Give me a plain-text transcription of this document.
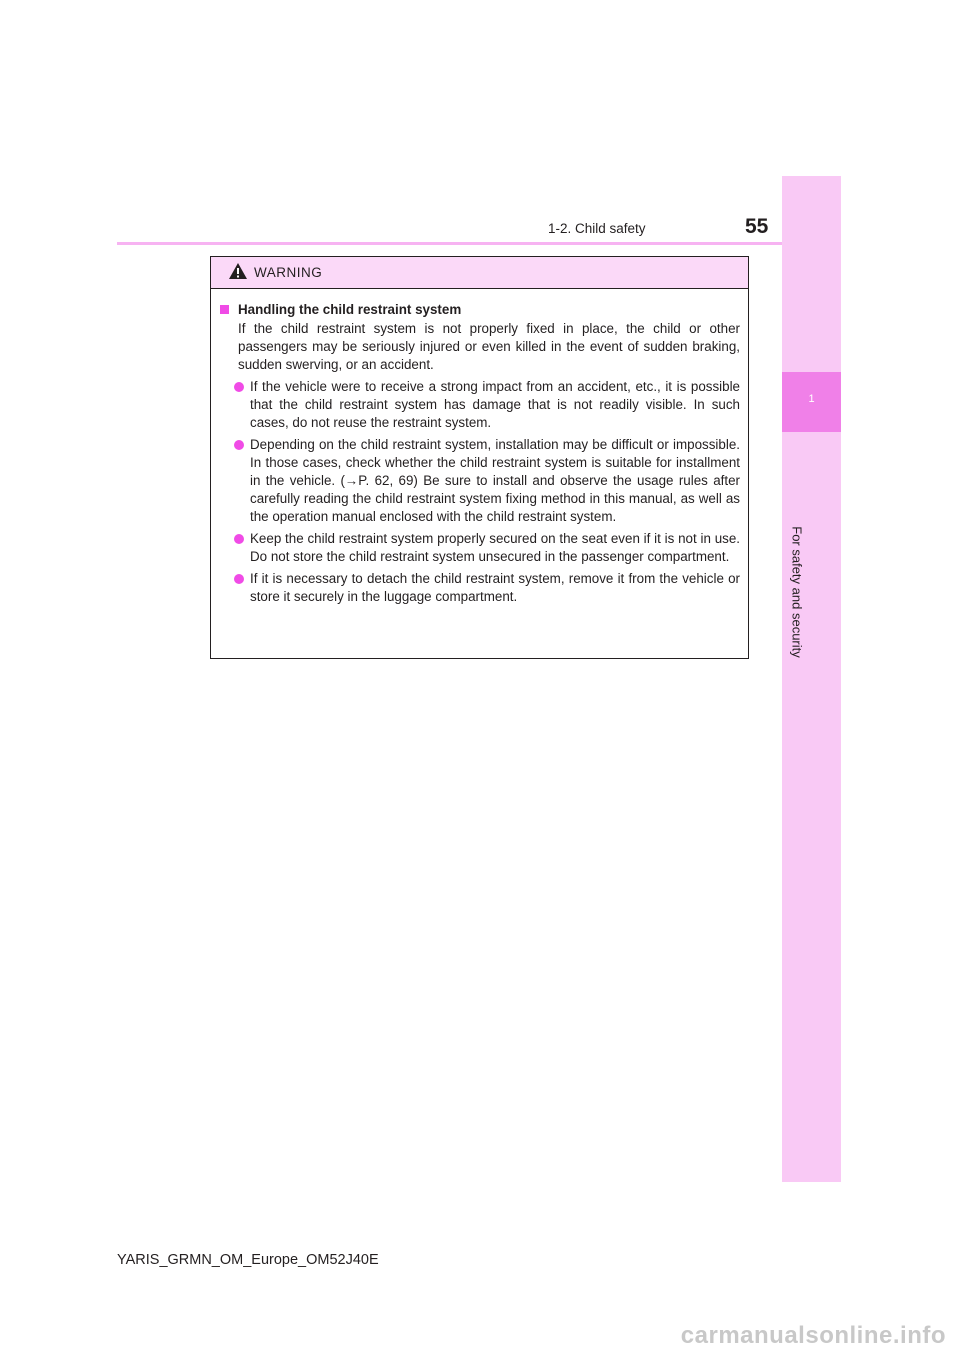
1-2. Child safety	55
1
For safety and security
WARNING
Handling the child restraint system
If the child restraint system is not properly fixed in place, the child or other passengers may be seriously injured or even killed in the event of sudden braking, sudden swerving, or an accident.
If the vehicle were to receive a strong impact from an accident, etc., it is possible that the child restraint system has damage that is not readily visible. In such cases, do not reuse the restraint system.
Depending on the child restraint system, installation may be difficult or impossible. In those cases, check whether the child restraint system is suitable for installment in the vehicle. (→P. 62, 69) Be sure to install and observe the usage rules after carefully reading the child restraint system fixing method in this manual, as well as the operation manual enclosed with the child restraint system.
Keep the child restraint system properly secured on the seat even if it is not in use. Do not store the child restraint system unsecured in the passenger compartment.
If it is necessary to detach the child restraint system, remove it from the vehicle or store it securely in the luggage compartment.
YARIS_GRMN_OM_Europe_OM52J40E
carmanualsonline.info
